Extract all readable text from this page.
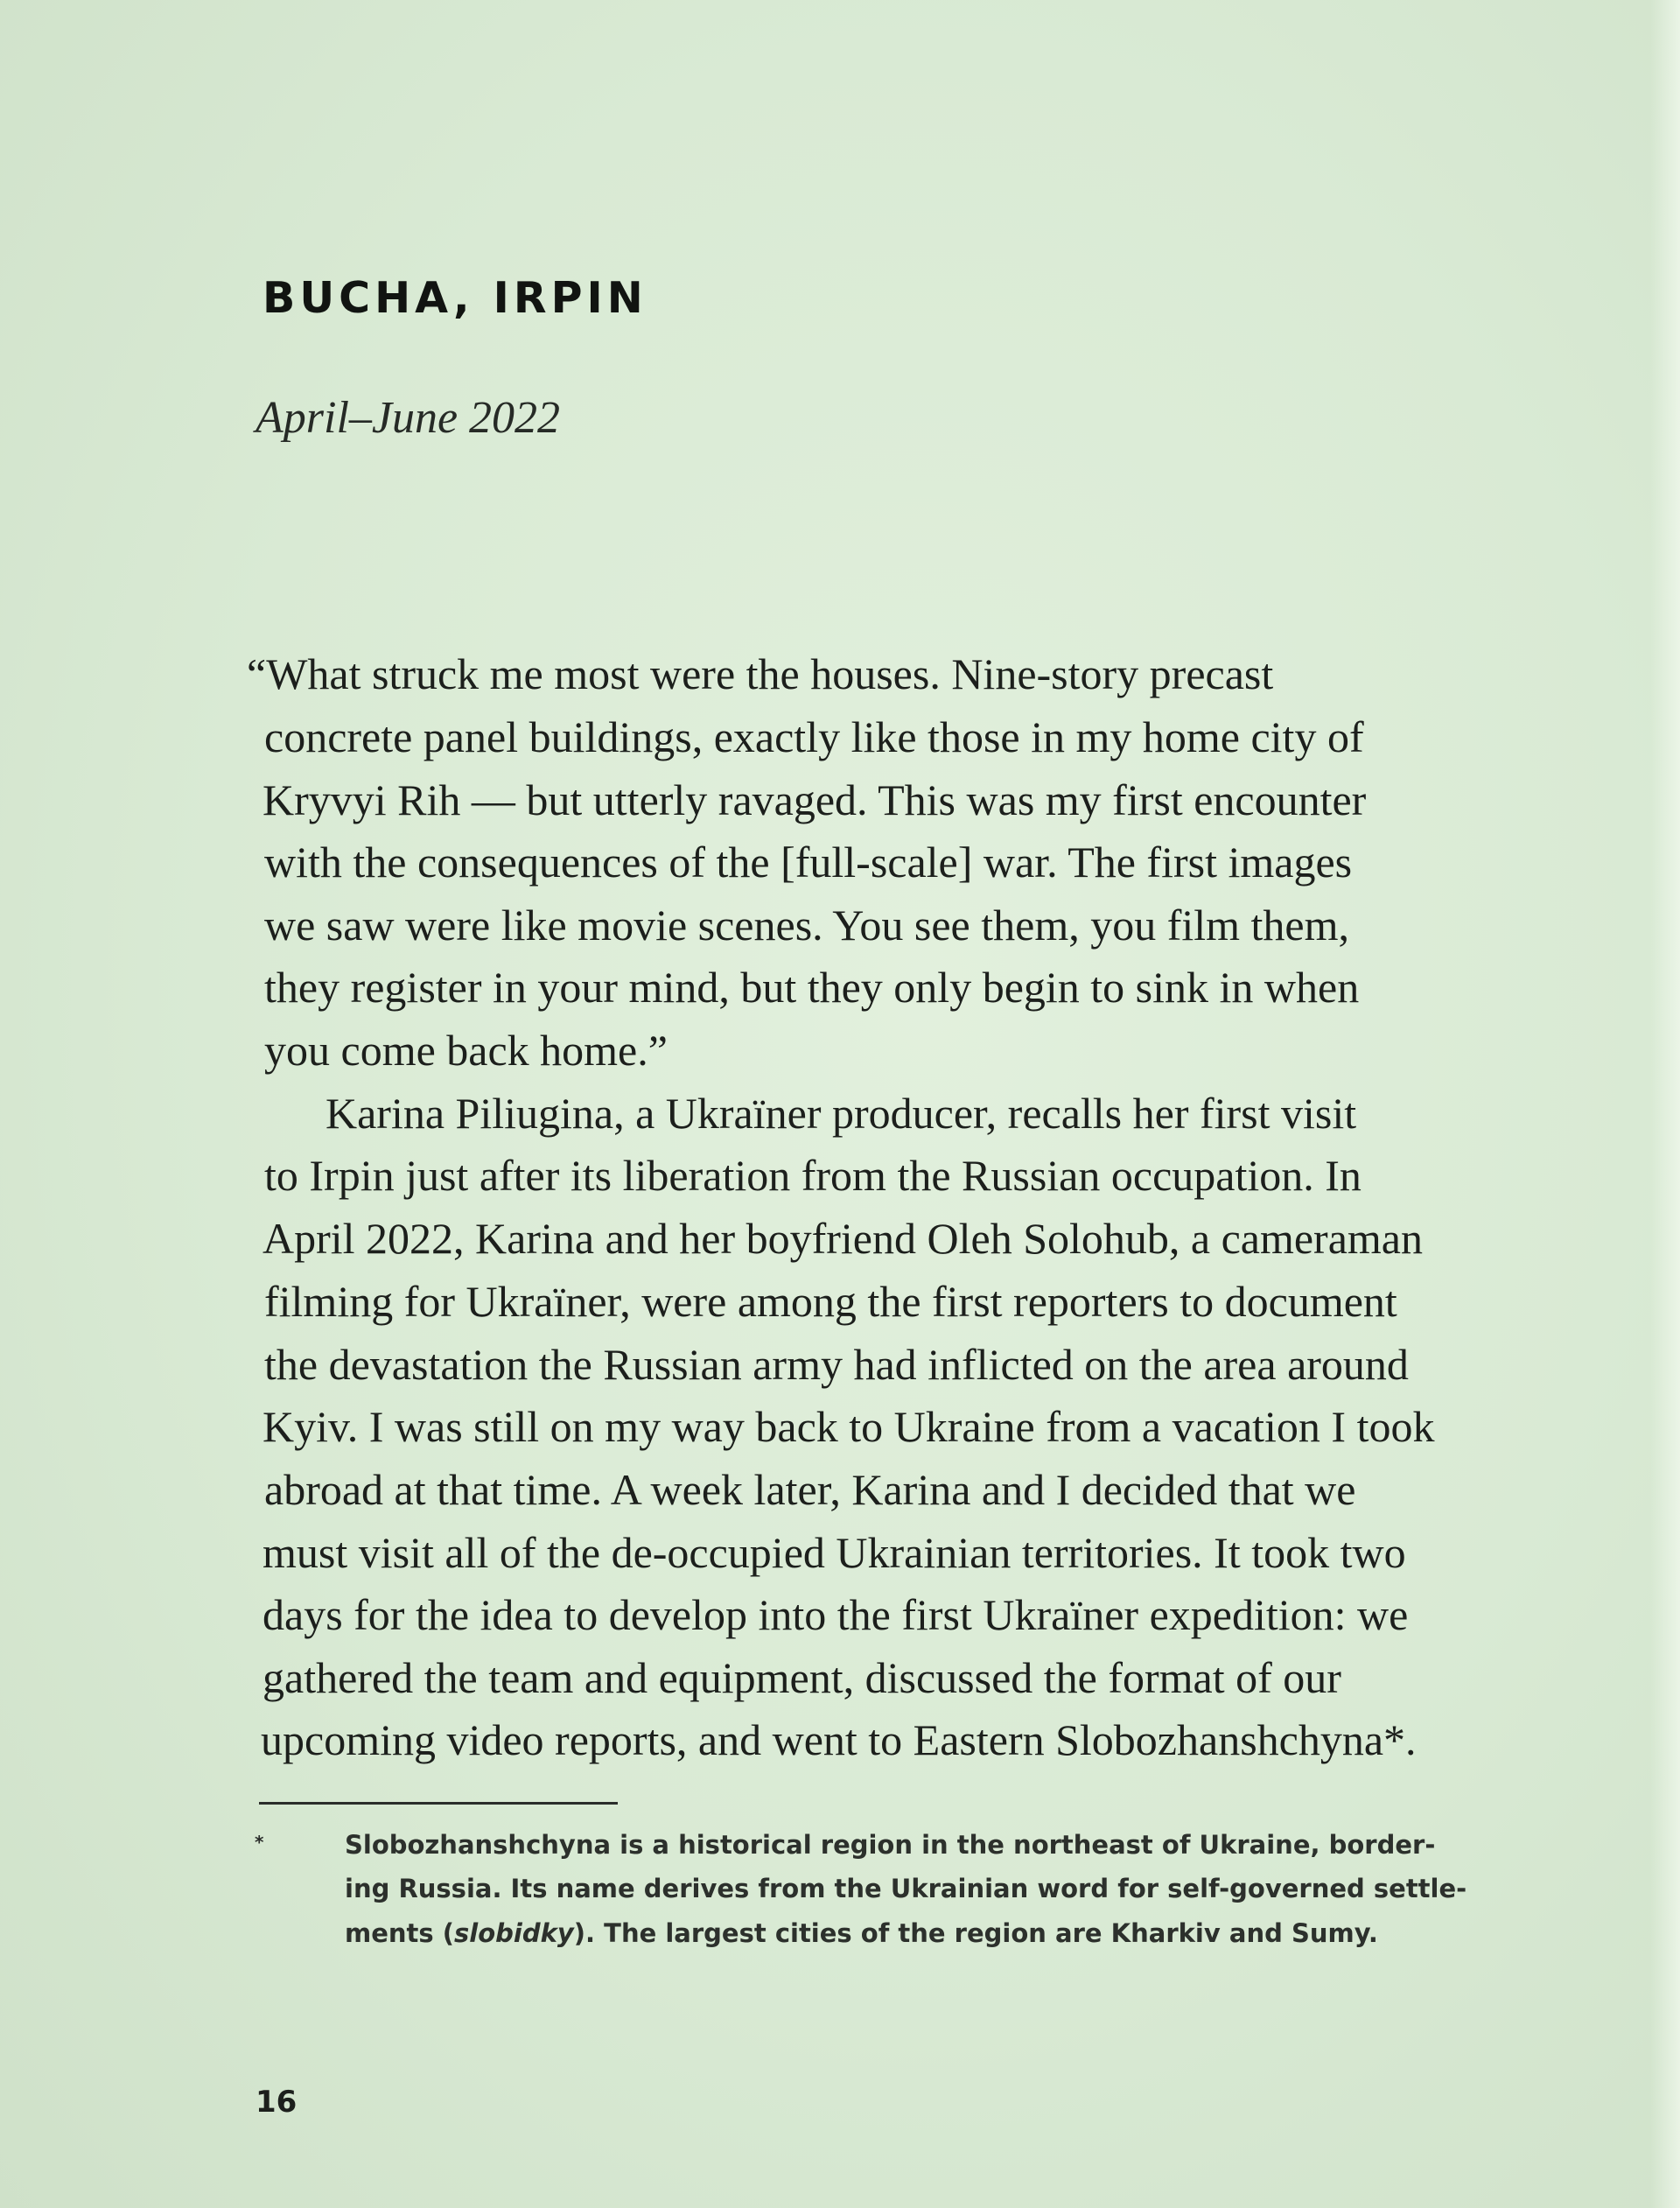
BUCHA, IRPIN

April–June 2022

“What struck me most were the houses. Nine-story precast
concrete panel buildings, exactly like those in my home city of
Kryvyi Rih — but utterly ravaged. This was my first encounter
with the consequences of the [full-scale] war. The first images
we saw were like movie scenes. You see them, you film them,
they register in your mind, but they only begin to sink in when
you come back home.”
Karina Piliugina, a Ukraïner producer, recalls her first visit
to Irpin just after its liberation from the Russian occupation. In
April 2022, Karina and her boyfriend Oleh Solohub, a cameraman
filming for Ukraïner, were among the first reporters to document
the devastation the Russian army had inflicted on the area around
Kyiv. I was still on my way back to Ukraine from a vacation I took
abroad at that time. A week later, Karina and I decided that we
must visit all of the de-occupied Ukrainian territories. It took two
days for the idea to develop into the first Ukraïner expedition: we
gathered the team and equipment, discussed the format of our
upcoming video reports, and went to Eastern Slobozhanshchyna*.
*	Slobozhanshchyna is a historical region in the northeast of Ukraine, border-
ing Russia. Its name derives from the Ukrainian word for self-governed settle-
ments (slobidky). The largest cities of the region are Kharkiv and Sumy.
16
